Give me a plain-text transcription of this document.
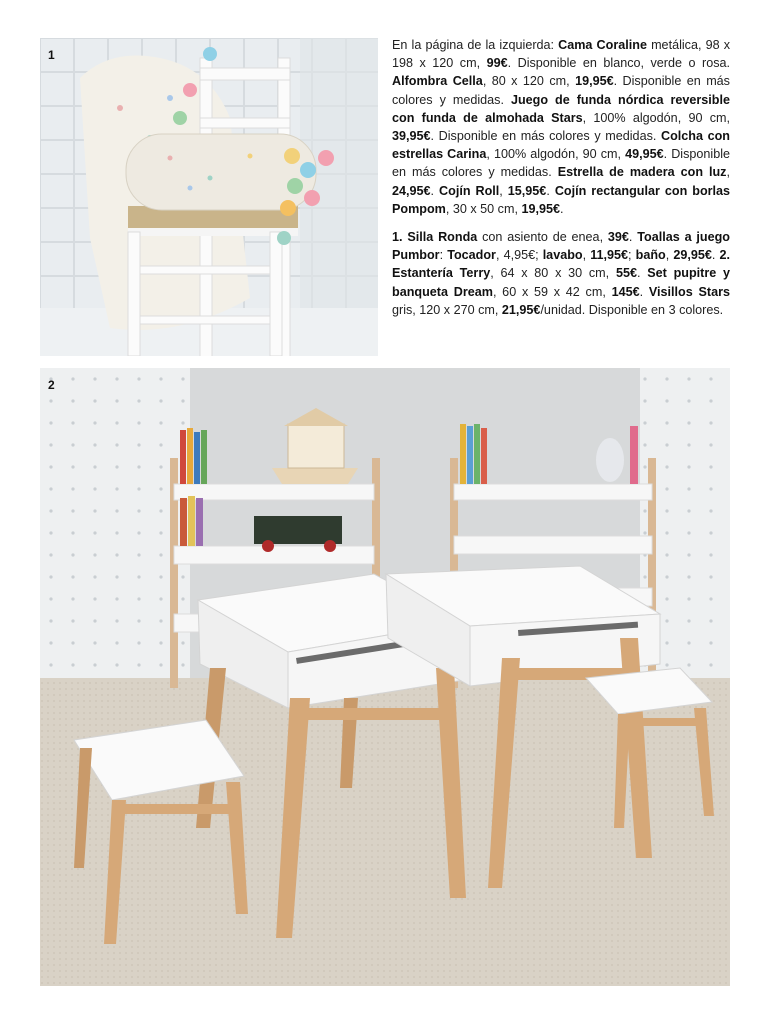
1

En la página de la izquierda: Cama Coraline metálica, 98 x 198 x 120 cm, 99€. Disponible en blanco, verde o rosa. Alfombra Cella, 80 x 120 cm, 19,95€. Disponible en más colores y medidas. Juego de funda nórdica reversible con funda de almohada Stars, 100% algodón, 90 cm, 39,95€. Disponible en más colores y medidas. Colcha con estrellas Carina, 100% algodón, 90 cm, 49,95€. Disponible en más colores y medidas. Estrella de madera con luz, 24,95€. Cojín Roll, 15,95€. Cojín rectangular con borlas Pompom, 30 x 50 cm, 19,95€.

1. Silla Ronda con asiento de enea, 39€. Toallas a juego Pumbor: Tocador, 4,95€; lavabo, 11,95€; baño, 29,95€. 2. Estantería Terry, 64 x 80 x 30 cm, 55€. Set pupitre y banqueta Dream, 60 x 59 x 42 cm, 145€. Visillos Stars gris, 120 x 270 cm, 21,95€/unidad. Disponible en 3 colores.

2
